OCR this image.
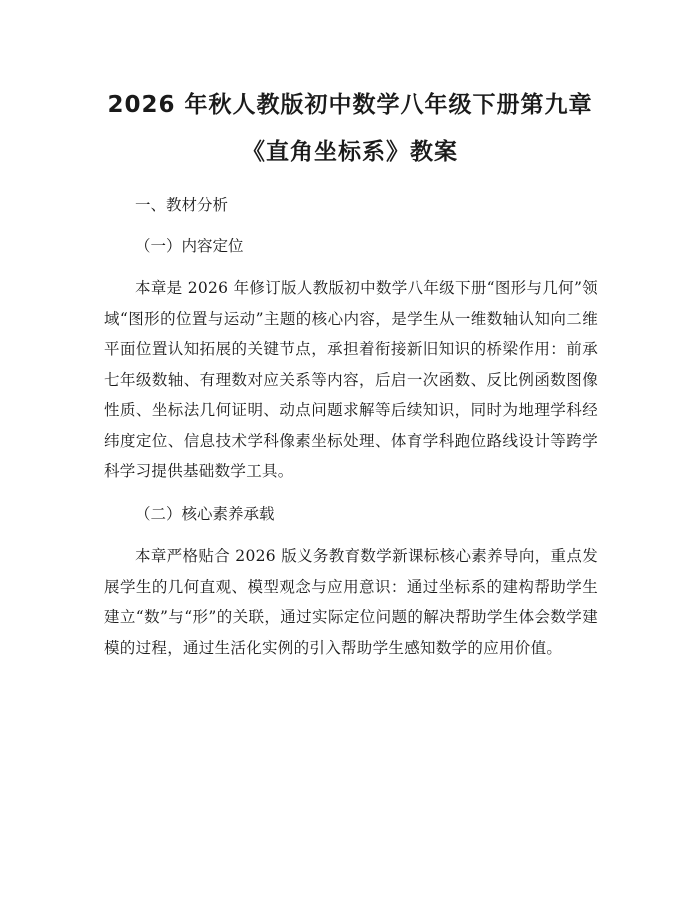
2026 年秋人教版初中数学八年级下册第九章
《直角坐标系》教案
一、教材分析
（一）内容定位

本章是 2026 年修订版人教版初中数学八年级下册“图形与几何”领域“图形的位置与运动”主题的核心内容，是学生从一维数轴认知向二维平面位置认知拓展的关键节点，承担着衔接新旧知识的桥梁作用：前承七年级数轴、有理数对应关系等内容，后启一次函数、反比例函数图像性质、坐标法几何证明、动点问题求解等后续知识，同时为地理学科经纬度定位、信息技术学科像素坐标处理、体育学科跑位路线设计等跨学科学习提供基础数学工具。

（二）核心素养承载

本章严格贴合 2026 版义务教育数学新课标核心素养导向，重点发展学生的几何直观、模型观念与应用意识：通过坐标系的建构帮助学生建立“数”与“形”的关联，通过实际定位问题的解决帮助学生体会数学建模的过程，通过生活化实例的引入帮助学生感知数学的应用价值。
